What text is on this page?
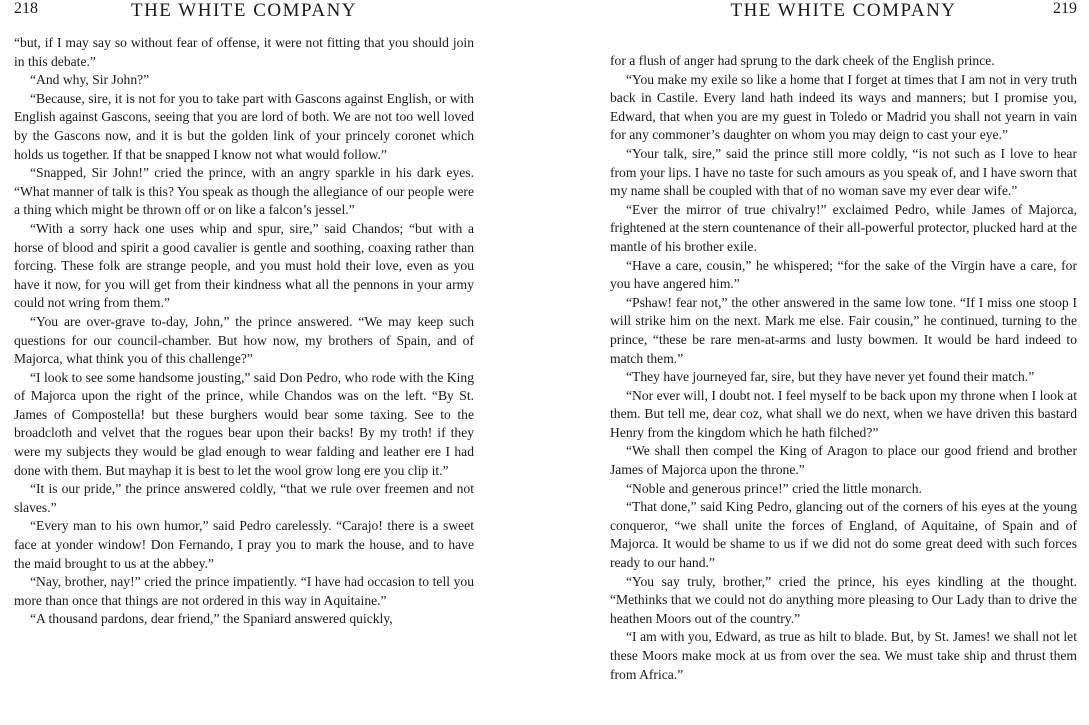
218	THE WHITE COMPANY

“but, if I may say so without fear of offense, it were not fitting that you should join in this debate.”

“And why, Sir John?”

“Because, sire, it is not for you to take part with Gascons against English, or with English against Gascons, seeing that you are lord of both. We are not too well loved by the Gascons now, and it is but the golden link of your princely coronet which holds us together. If that be snapped I know not what would follow.”

“Snapped, Sir John!” cried the prince, with an angry sparkle in his dark eyes. “What manner of talk is this? You speak as though the allegiance of our people were a thing which might be thrown off or on like a falcon’s jessel.”

“With a sorry hack one uses whip and spur, sire,” said Chandos; “but with a horse of blood and spirit a good cavalier is gentle and soothing, coaxing rather than forcing. These folk are strange people, and you must hold their love, even as you have it now, for you will get from their kindness what all the pennons in your army could not wring from them.”

“You are over-grave to-day, John,” the prince answered. “We may keep such questions for our council-chamber. But how now, my brothers of Spain, and of Majorca, what think you of this challenge?”

“I look to see some handsome jousting,” said Don Pedro, who rode with the King of Majorca upon the right of the prince, while Chandos was on the left. “By St. James of Compostella! but these burghers would bear some taxing. See to the broadcloth and velvet that the rogues bear upon their backs! By my troth! if they were my subjects they would be glad enough to wear falding and leather ere I had done with them. But mayhap it is best to let the wool grow long ere you clip it.”

“It is our pride,” the prince answered coldly, “that we rule over freemen and not slaves.”

“Every man to his own humor,” said Pedro carelessly. “Carajo! there is a sweet face at yonder window! Don Fernando, I pray you to mark the house, and to have the maid brought to us at the abbey.”

“Nay, brother, nay!” cried the prince impatiently. “I have had occasion to tell you more than once that things are not ordered in this way in Aquitaine.”

“A thousand pardons, dear friend,” the Spaniard answered quickly,

THE WHITE COMPANY	219

for a flush of anger had sprung to the dark cheek of the English prince.

“You make my exile so like a home that I forget at times that I am not in very truth back in Castile. Every land hath indeed its ways and manners; but I promise you, Edward, that when you are my guest in Toledo or Madrid you shall not yearn in vain for any commoner’s daughter on whom you may deign to cast your eye.”

“Your talk, sire,” said the prince still more coldly, “is not such as I love to hear from your lips. I have no taste for such amours as you speak of, and I have sworn that my name shall be coupled with that of no woman save my ever dear wife.”

“Ever the mirror of true chivalry!” exclaimed Pedro, while James of Majorca, frightened at the stern countenance of their all-powerful protector, plucked hard at the mantle of his brother exile.

“Have a care, cousin,” he whispered; “for the sake of the Virgin have a care, for you have angered him.”

“Pshaw! fear not,” the other answered in the same low tone. “If I miss one stoop I will strike him on the next. Mark me else. Fair cousin,” he continued, turning to the prince, “these be rare men-at-arms and lusty bowmen. It would be hard indeed to match them.”

“They have journeyed far, sire, but they have never yet found their match.”

“Nor ever will, I doubt not. I feel myself to be back upon my throne when I look at them. But tell me, dear coz, what shall we do next, when we have driven this bastard Henry from the kingdom which he hath filched?”

“We shall then compel the King of Aragon to place our good friend and brother James of Majorca upon the throne.”

“Noble and generous prince!” cried the little monarch.

“That done,” said King Pedro, glancing out of the corners of his eyes at the young conqueror, “we shall unite the forces of England, of Aquitaine, of Spain and of Majorca. It would be shame to us if we did not do some great deed with such forces ready to our hand.”

“You say truly, brother,” cried the prince, his eyes kindling at the thought. “Methinks that we could not do anything more pleasing to Our Lady than to drive the heathen Moors out of the country.”

“I am with you, Edward, as true as hilt to blade. But, by St. James! we shall not let these Moors make mock at us from over the sea. We must take ship and thrust them from Africa.”
